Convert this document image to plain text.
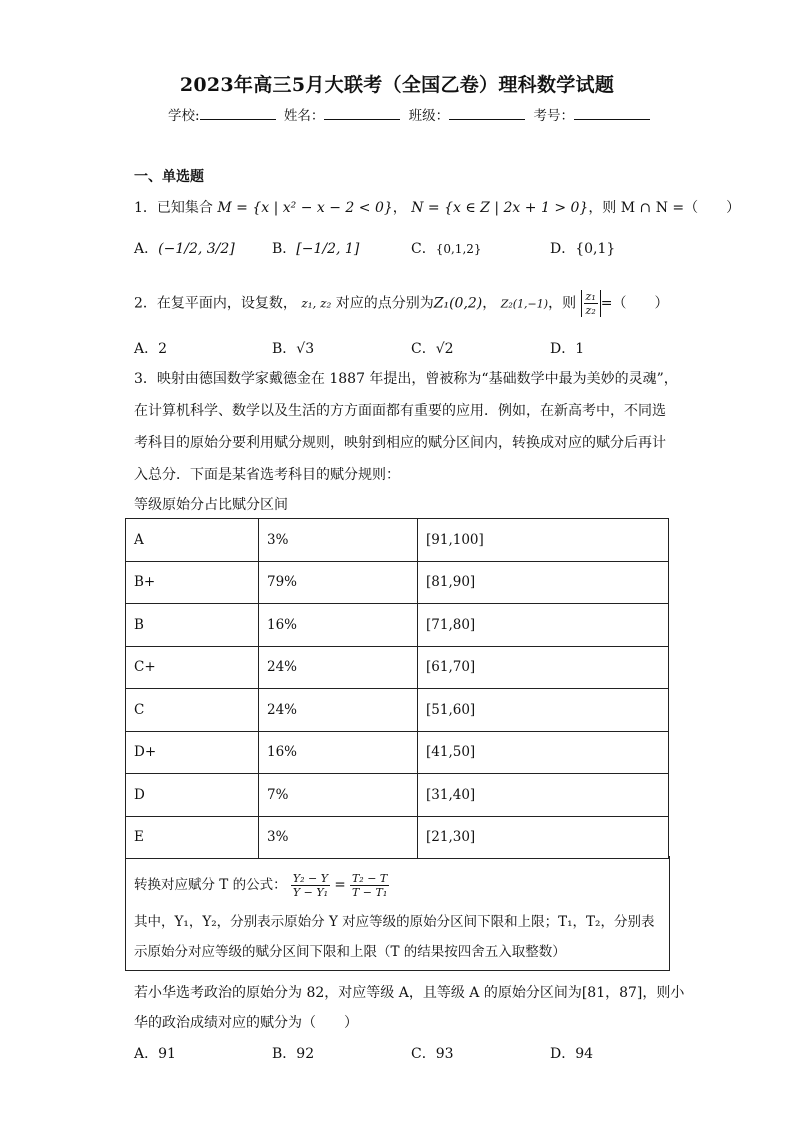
2023年高三5月大联考（全国乙卷）理科数学试题
学校:	姓名：	班级：	考号：
一、单选题
1．已知集合 M = {x | x² − x − 2 < 0}， N = {x ∈ Z | 2x + 1 > 0}，则 M ∩ N =（　　）
A．(−1/2, 3/2]	B．[−1/2, 1]	C．{0,1,2}	D．{0,1}
2．在复平面内，设复数， z₁, z₂ 对应的点分别为Z₁(0,2)， Z₂(1,−1)，则 $\frac{\text{z₁}}{\text{z₂}}$ =（　　）
A．2	B．√3	C．√2	D．1
3．映射由德国数学家戴德金在 1887 年提出，曾被称为“基础数学中最为美妙的灵魂”，
在计算机科学、数学以及生活的方方面面都有重要的应用．例如，在新高考中，不同选
考科目的原始分要利用赋分规则，映射到相应的赋分区间内，转换成对应的赋分后再计
入总分．下面是某省选考科目的赋分规则：
等级原始分占比赋分区间
A	3%	[91,100]
B+	79%	[81,90]
B	16%	[71,80]
C+	24%	[61,70]
C	24%	[51,60]
D+	16%	[41,50]
D	7%	[31,40]
E	3%	[21,30]
转换对应赋分 T 的公式： $\frac{\text{Y₂ − Y}}{\text{Y − Y₁}} = \frac{\text{T₂ − T}}{\text{T − T₁}}$
其中，Y₁，Y₂，分别表示原始分 Y 对应等级的原始分区间下限和上限；T₁，T₂，分别表
示原始分对应等级的赋分区间下限和上限（T 的结果按四舍五入取整数）
若小华选考政治的原始分为 82，对应等级 A，且等级 A 的原始分区间为[81，87]，则小
华的政治成绩对应的赋分为（　　）
A．91	B．92	C．93	D．94
